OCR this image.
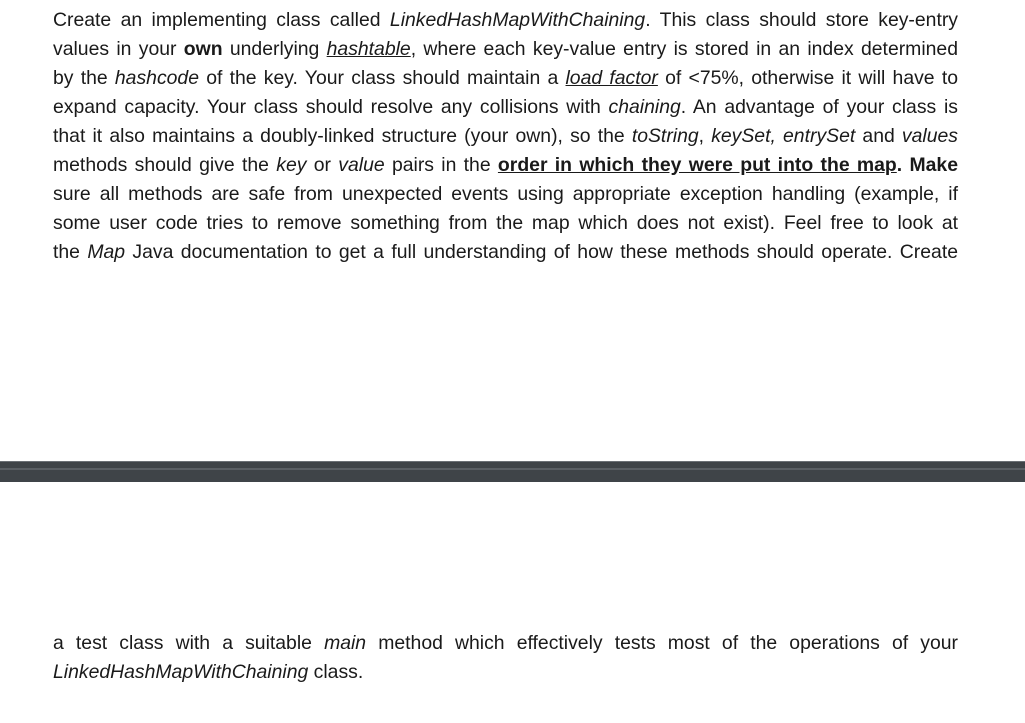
Create an implementing class called LinkedHashMapWithChaining. This class should store key-entry
values in your own underlying hashtable, where each key-value entry is stored in an index determined
by the hashcode of the key. Your class should maintain a load factor of <75%, otherwise it will have to
expand capacity. Your class should resolve any collisions with chaining. An advantage of your class is
that it also maintains a doubly-linked structure (your own), so the toString, keySet, entrySet and values
methods should give the key or value pairs in the order in which they were put into the map. Make
sure all methods are safe from unexpected events using appropriate exception handling (example, if
some user code tries to remove something from the map which does not exist). Feel free to look at
the Map Java documentation to get a full understanding of how these methods should operate. Create

a test class with a suitable main method which effectively tests most of the operations of your
LinkedHashMapWithChaining class.
